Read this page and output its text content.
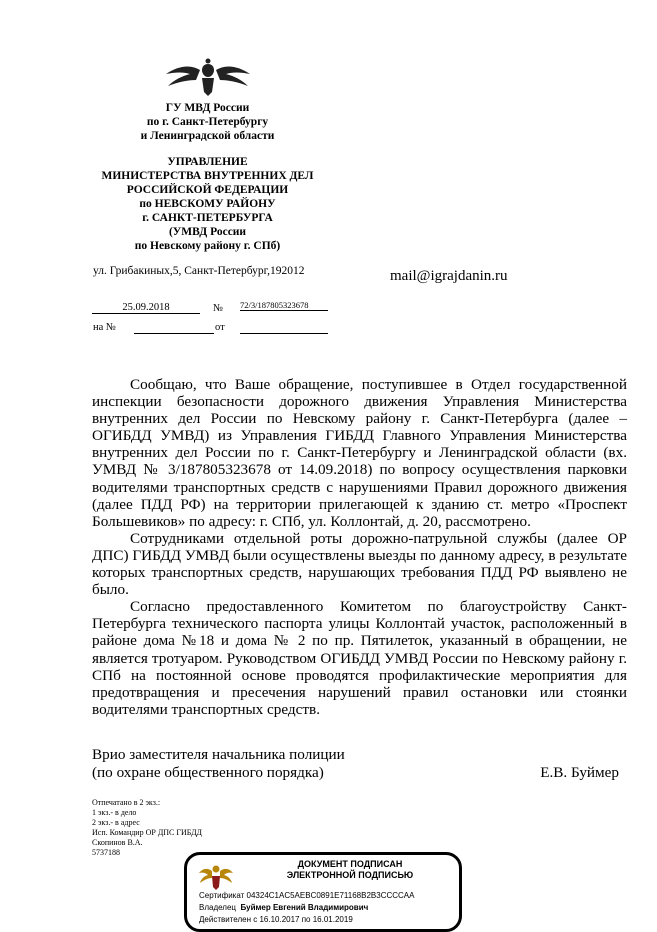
ГУ МВД России
по г. Санкт-Петербургу
и Ленинградской области
УПРАВЛЕНИЕ
МИНИСТЕРСТВА ВНУТРЕННИХ ДЕЛ
РОССИЙСКОЙ ФЕДЕРАЦИИ
по НЕВСКОМУ РАЙОНУ
г. САНКТ-ПЕТЕРБУРГА
(УМВД России
по Невскому району г. СПб)
ул. Грибакиных,5, Санкт-Петербург,192012	mail@igrajdanin.ru
25.09.2018	№ 72/3/187805323678
на №	от

Сообщаю, что Ваше обращение, поступившее в Отдел государственной инспекции безопасности дорожного движения Управления Министерства внутренних дел России по Невскому району г. Санкт-Петербурга (далее – ОГИБДД УМВД) из Управления ГИБДД Главного Управления Министерства внутренних дел России по г. Санкт-Петербургу и Ленинградской области (вх. УМВД № 3/187805323678 от 14.09.2018) по вопросу осуществления парковки водителями транспортных средств с нарушениями Правил дорожного движения (далее ПДД РФ) на территории прилегающей к зданию ст. метро «Проспект Большевиков» по адресу: г. СПб, ул. Коллонтай, д. 20, рассмотрено.

Сотрудниками отдельной роты дорожно-патрульной службы (далее ОР ДПС) ГИБДД УМВД были осуществлены выезды по данному адресу, в результате которых транспортных средств, нарушающих требования ПДД РФ выявлено не было.

Согласно предоставленного Комитетом по благоустройству Санкт-Петербурга технического паспорта улицы Коллонтай участок, расположенный в районе дома №18 и дома № 2 по пр. Пятилеток, указанный в обращении, не является тротуаром. Руководством ОГИБДД УМВД России по Невскому району г. СПб на постоянной основе проводятся профилактические мероприятия для предотвращения и пресечения нарушений правил остановки или стоянки водителями транспортных средств.

Врио заместителя начальника полиции
(по охране общественного порядка)	Е.В. Буймер
Отпечатано в 2 экз.:
1 экз.- в дело
2 экз.- в адрес
Исп. Командир ОР ДПС ГИБДД
Скопинов В.А.
5737188
ДОКУМЕНТ ПОДПИСАН
ЭЛЕКТРОННОЙ ПОДПИСЬЮ
Сертификат 04324C1AC5AEBC0891E71168B2B3CCCCAA
Владелец Буймер Евгений Владимирович
Действителен с 16.10.2017 по 16.01.2019
